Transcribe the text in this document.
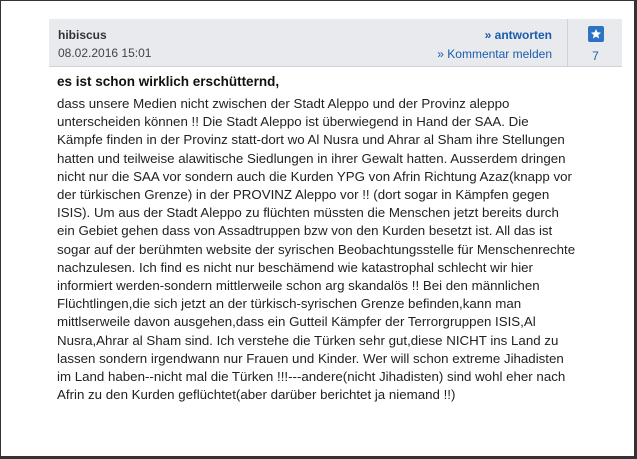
hibiscus
08.02.2016 15:01
» antworten
» Kommentar melden	7
es ist schon wirklich erschütternd,
dass unsere Medien nicht zwischen der Stadt Aleppo und der Provinz aleppo unterscheiden können !! Die Stadt Aleppo ist überwiegend in Hand der SAA. Die Kämpfe finden in der Provinz statt-dort wo Al Nusra und Ahrar al Sham ihre Stellungen hatten und teilweise alawitische Siedlungen in ihrer Gewalt hatten. Ausserdem dringen nicht nur die SAA vor sondern auch die Kurden YPG von Afrin Richtung Azaz(knapp vor der türkischen Grenze) in der PROVINZ Aleppo vor !! (dort sogar in Kämpfen gegen ISIS). Um aus der Stadt Aleppo zu flüchten müssten die Menschen jetzt bereits durch ein Gebiet gehen dass von Assadtruppen bzw von den Kurden besetzt ist. All das ist sogar auf der berühmten website der syrischen Beobachtungsstelle für Menschenrechte nachzulesen. Ich find es nicht nur beschämend wie katastrophal schlecht wir hier informiert werden-sondern mittlerweile schon arg skandalös !! Bei den männlichen Flüchtlingen,die sich jetzt an der türkisch-syrischen Grenze befinden,kann man mittlserweile davon ausgehen,dass ein Gutteil Kämpfer der Terrorgruppen ISIS,Al Nusra,Ahrar al Sham sind. Ich verstehe die Türken sehr gut,diese NICHT ins Land zu lassen sondern irgendwann nur Frauen und Kinder. Wer will schon extreme Jihadisten im Land haben--nicht mal die Türken !!!---andere(nicht Jihadisten) sind wohl eher nach Afrin zu den Kurden geflüchtet(aber darüber berichtet ja niemand !!)
